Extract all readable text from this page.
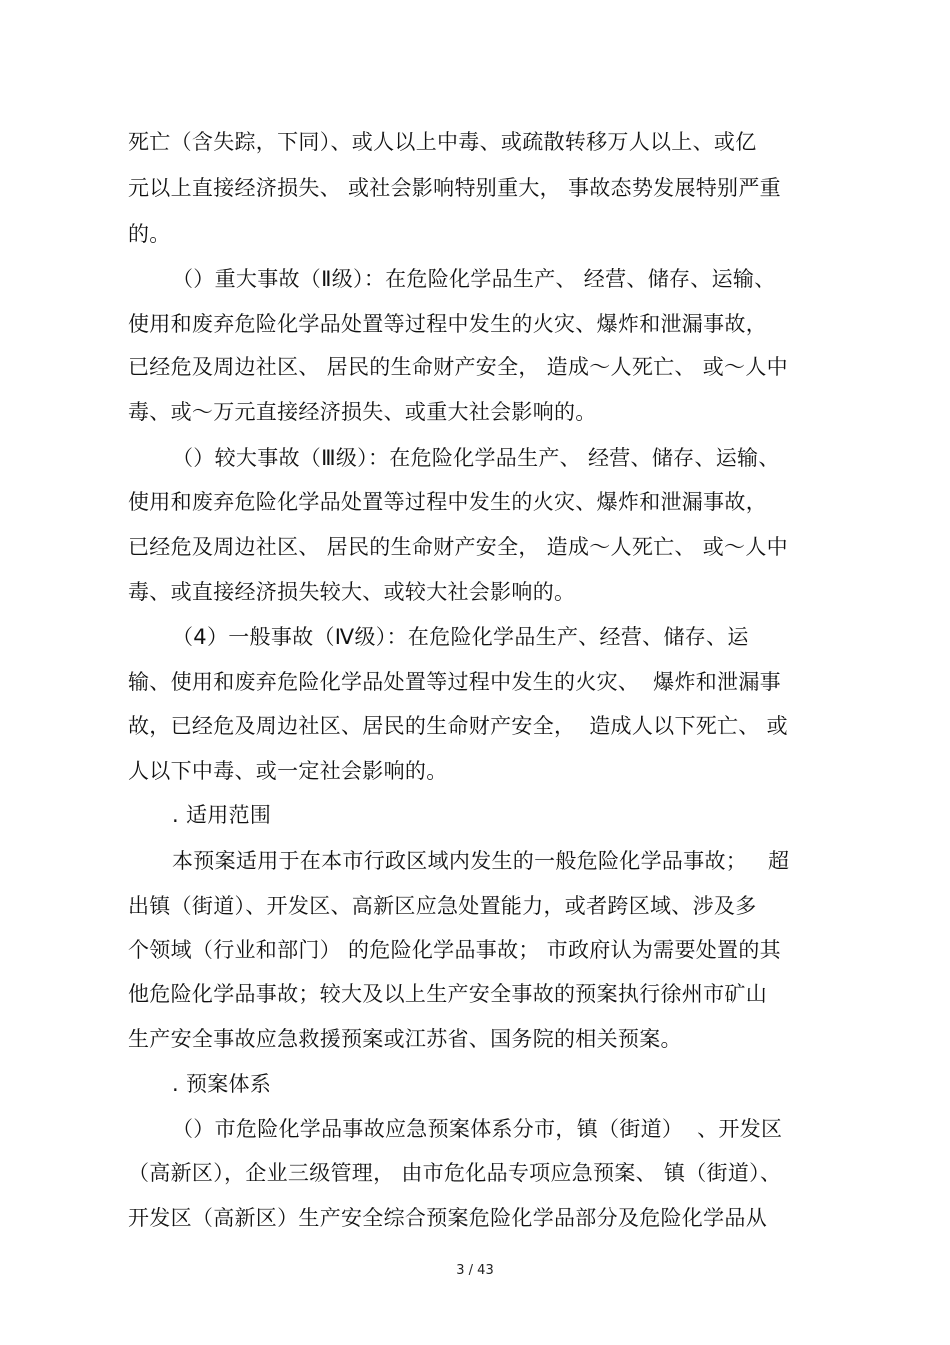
死亡（含失踪，下同）、或人以上中毒、或疏散转移万人以上、或亿
元以上直接经济损失、 或社会影响特别重大， 事故态势发展特别严重
的。
（）重大事故（Ⅱ级）：在危险化学品生产、 经营、储存、运输、
使用和废弃危险化学品处置等过程中发生的火灾、爆炸和泄漏事故，
已经危及周边社区、 居民的生命财产安全， 造成～人死亡、 或～人中
毒、或～万元直接经济损失、或重大社会影响的。
（）较大事故（Ⅲ级）：在危险化学品生产、 经营、储存、运输、
使用和废弃危险化学品处置等过程中发生的火灾、爆炸和泄漏事故，
已经危及周边社区、 居民的生命财产安全， 造成～人死亡、 或～人中
毒、或直接经济损失较大、或较大社会影响的。
（4）一般事故（Ⅳ级）：在危险化学品生产、经营、储存、运
输、使用和废弃危险化学品处置等过程中发生的火灾、  爆炸和泄漏事
故，已经危及周边社区、居民的生命财产安全，  造成人以下死亡、 或
人以下中毒、或一定社会影响的。
. 适用范围
本预案适用于在本市行政区域内发生的一般危险化学品事故；   超
出镇（街道）、开发区、高新区应急处置能力，或者跨区域、涉及多
个领域（行业和部门） 的危险化学品事故； 市政府认为需要处置的其
他危险化学品事故；较大及以上生产安全事故的预案执行徐州市矿山
生产安全事故应急救援预案或江苏省、国务院的相关预案。
. 预案体系
（）市危险化学品事故应急预案体系分市，镇（街道）  、开发区
（高新区），企业三级管理， 由市危化品专项应急预案、 镇（街道）、
开发区（高新区）生产安全综合预案危险化学品部分及危险化学品从
3 / 43
